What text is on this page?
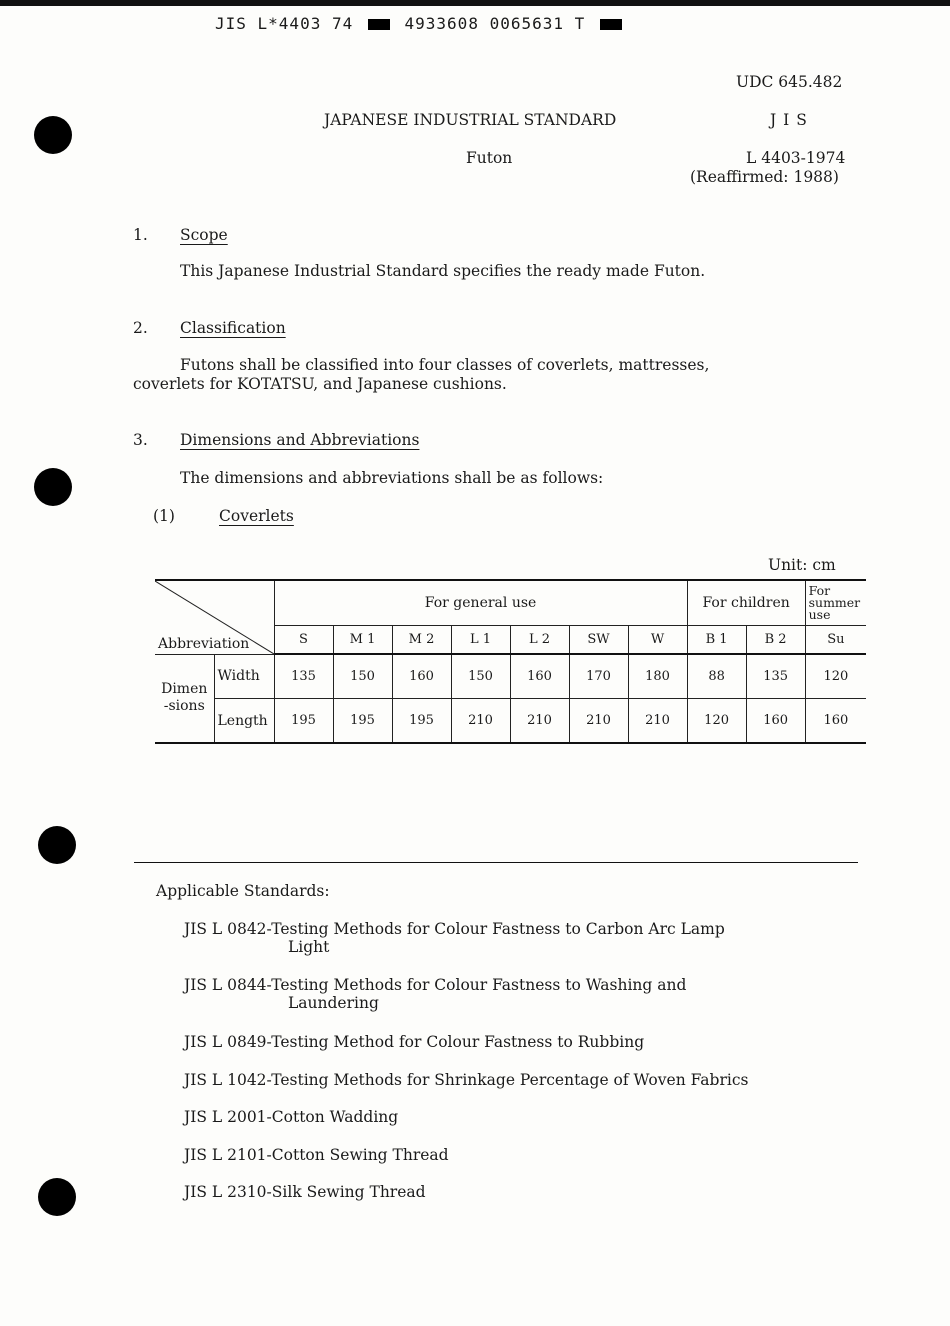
JIS L*4403 74	4933608 0065631 T
UDC 645.482
JAPANESE INDUSTRIAL STANDARD	J I S
Futon	L 4403-1974
(Reaffirmed: 1988)
1. Scope
This Japanese Industrial Standard specifies the ready made Futon.
2. Classification
Futons shall be classified into four classes of coverlets, mattresses,
coverlets for KOTATSU, and Japanese cushions.
3. Dimensions and Abbreviations
The dimensions and abbreviations shall be as follows:
(1)	Coverlets
Unit: cm
Abbreviation		For general use							For children		For summer use
		S	M 1	M 2	L 1	L 2	SW	W	B 1	B 2	Su
Dimen-sions	Width	135	150	160	150	160	170	180	88	135	120
	Length	195	195	195	210	210	210	210	120	160	160
Applicable Standards:
JIS L 0842-Testing Methods for Colour Fastness to Carbon Arc Lamp
Light
JIS L 0844-Testing Methods for Colour Fastness to Washing and
Laundering
JIS L 0849-Testing Method for Colour Fastness to Rubbing
JIS L 1042-Testing Methods for Shrinkage Percentage of Woven Fabrics
JIS L 2001-Cotton Wadding
JIS L 2101-Cotton Sewing Thread
JIS L 2310-Silk Sewing Thread
